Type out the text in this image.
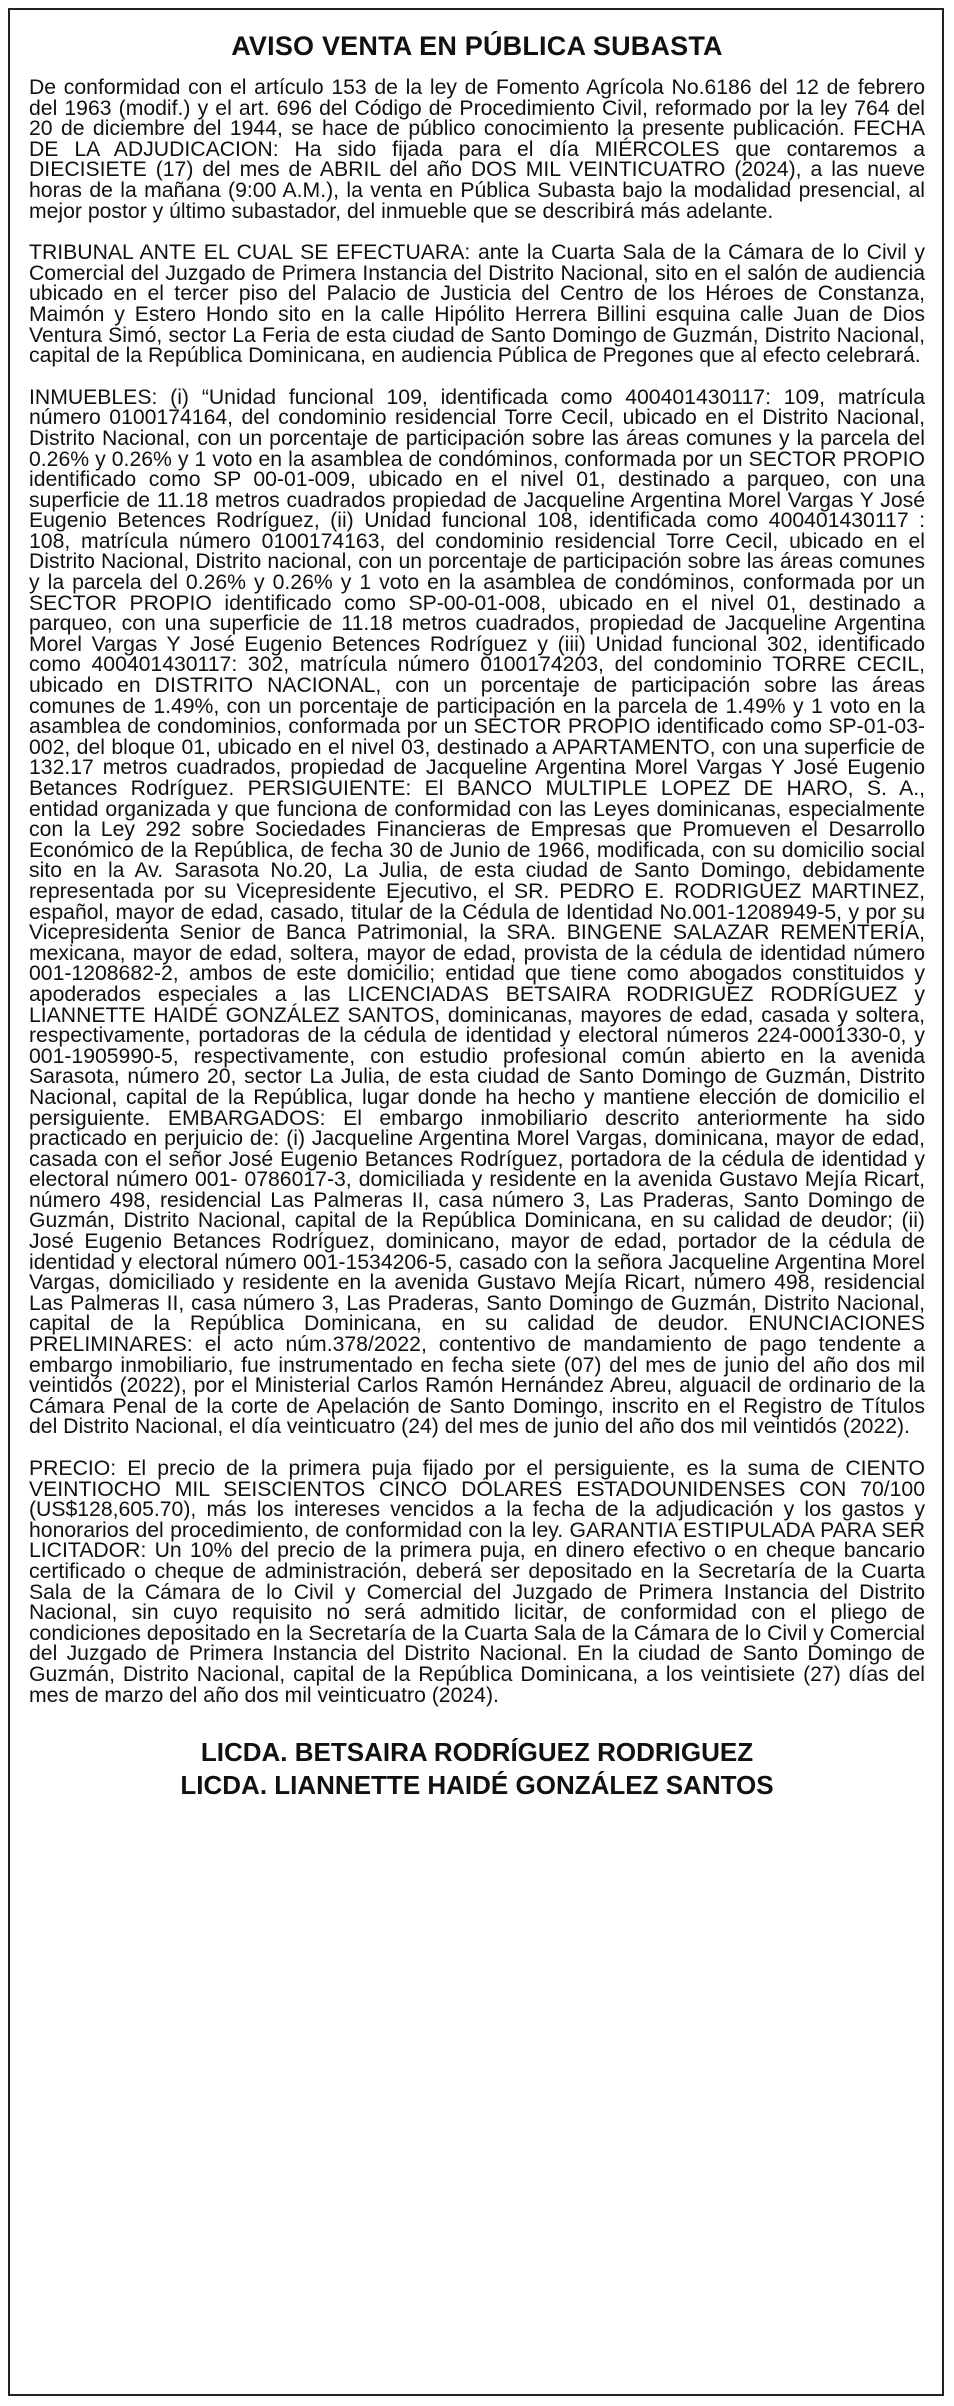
AVISO VENTA EN PÚBLICA SUBASTA

De conformidad con el artículo 153 de la ley de Fomento Agrícola No.6186 del 12 de febrero del 1963 (modif.) y el art. 696 del Código de Procedimiento Civil, reformado por la ley 764 del 20 de diciembre del 1944, se hace de público conocimiento la presente publicación. FECHA DE LA ADJUDICACION: Ha sido fijada para el día MIÉRCOLES que contaremos a DIECISIETE (17) del mes de ABRIL del año DOS MIL VEINTICUATRO (2024), a las nueve horas de la mañana (9:00 A.M.), la venta en Pública Subasta bajo la modalidad presencial, al mejor postor y último subastador, del inmueble que se describirá más adelante.

TRIBUNAL ANTE EL CUAL SE EFECTUARA: ante la Cuarta Sala de la Cámara de lo Civil y Comercial del Juzgado de Primera Instancia del Distrito Nacional, sito en el salón de audiencia ubicado en el tercer piso del Palacio de Justicia del Centro de los Héroes de Constanza, Maimón y Estero Hondo sito en la calle Hipólito Herrera Billini esquina calle Juan de Dios Ventura Simó, sector La Feria de esta ciudad de Santo Domingo de Guzmán, Distrito Nacional, capital de la República Dominicana, en audiencia Pública de Pregones que al efecto celebrará.

INMUEBLES: (i) “Unidad funcional 109, identificada como 400401430117: 109, matrícula número 0100174164, del condominio residencial Torre Cecil, ubicado en el Distrito Nacional, Distrito Nacional, con un porcentaje de participación sobre las áreas comunes y la parcela del 0.26% y 0.26% y 1 voto en la asamblea de condóminos, conformada por un SECTOR PROPIO identificado como SP 00-01-009, ubicado en el nivel 01, destinado a parqueo, con una superficie de 11.18 metros cuadrados propiedad de Jacqueline Argentina Morel Vargas Y José Eugenio Betences Rodríguez, (ii) Unidad funcional 108, identificada como 400401430117 : 108, matrícula número 0100174163, del condominio residencial Torre Cecil, ubicado en el Distrito Nacional, Distrito nacional, con un porcentaje de participación sobre las áreas comunes y la parcela del 0.26% y 0.26% y 1 voto en la asamblea de condóminos, conformada por un SECTOR PROPIO identificado como SP-00-01-008, ubicado en el nivel 01, destinado a parqueo, con una superficie de 11.18 metros cuadrados, propiedad de Jacqueline Argentina Morel Vargas Y José Eugenio Betences Rodríguez y (iii) Unidad funcional 302, identificado como 400401430117: 302, matrícula número 0100174203, del condominio TORRE CECIL, ubicado en DISTRITO NACIONAL, con un porcentaje de participación sobre las áreas comunes de 1.49%, con un porcentaje de participación en la parcela de 1.49% y 1 voto en la asamblea de condominios, conformada por un SECTOR PROPIO identificado como SP-01-03-002, del bloque 01, ubicado en el nivel 03, destinado a APARTAMENTO, con una superficie de 132.17 metros cuadrados, propiedad de Jacqueline Argentina Morel Vargas Y José Eugenio Betances Rodríguez. PERSIGUIENTE: El BANCO MULTIPLE LOPEZ DE HARO, S. A., entidad organizada y que funciona de conformidad con las Leyes dominicanas, especialmente con la Ley 292 sobre Sociedades Financieras de Empresas que Promueven el Desarrollo Económico de la República, de fecha 30 de Junio de 1966, modificada, con su domicilio social sito en la Av. Sarasota No.20, La Julia, de esta ciudad de Santo Domingo, debidamente representada por su Vicepresidente Ejecutivo, el SR. PEDRO E. RODRIGUEZ MARTINEZ, español, mayor de edad, casado, titular de la Cédula de Identidad No.001-1208949-5, y por su Vicepresidenta Senior de Banca Patrimonial, la SRA. BINGENE SALAZAR REMENTERÍA, mexicana, mayor de edad, soltera, mayor de edad, provista de la cédula de identidad número 001-1208682-2, ambos de este domicilio; entidad que tiene como abogados constituidos y apoderados especiales a las LICENCIADAS BETSAIRA RODRIGUEZ RODRÍGUEZ y LIANNETTE HAIDÉ GONZÁLEZ SANTOS, dominicanas, mayores de edad, casada y soltera, respectivamente, portadoras de la cédula de identidad y electoral números 224-0001330-0, y 001-1905990-5, respectivamente, con estudio profesional común abierto en la avenida Sarasota, número 20, sector La Julia, de esta ciudad de Santo Domingo de Guzmán, Distrito Nacional, capital de la República, lugar donde ha hecho y mantiene elección de domicilio el persiguiente. EMBARGADOS: El embargo inmobiliario descrito anteriormente ha sido practicado en perjuicio de: (i) Jacqueline Argentina Morel Vargas, dominicana, mayor de edad, casada con el señor José Eugenio Betances Rodríguez, portadora de la cédula de identidad y electoral número 001- 0786017-3, domiciliada y residente en la avenida Gustavo Mejía Ricart, número 498, residencial Las Palmeras II, casa número 3, Las Praderas, Santo Domingo de Guzmán, Distrito Nacional, capital de la República Dominicana, en su calidad de deudor; (ii) José Eugenio Betances Rodríguez, dominicano, mayor de edad, portador de la cédula de identidad y electoral número 001-1534206-5, casado con la señora Jacqueline Argentina Morel Vargas, domiciliado y residente en la avenida Gustavo Mejía Ricart, número 498, residencial Las Palmeras II, casa número 3, Las Praderas, Santo Domingo de Guzmán, Distrito Nacional, capital de la República Dominicana, en su calidad de deudor. ENUNCIACIONES PRELIMINARES: el acto núm.378/2022, contentivo de mandamiento de pago tendente a embargo inmobiliario, fue instrumentado en fecha siete (07) del mes de junio del año dos mil veintidós (2022), por el Ministerial Carlos Ramón Hernández Abreu, alguacil de ordinario de la Cámara Penal de la corte de Apelación de Santo Domingo, inscrito en el Registro de Títulos del Distrito Nacional, el día veinticuatro (24) del mes de junio del año dos mil veintidós (2022).

PRECIO: El precio de la primera puja fijado por el persiguiente, es la suma de CIENTO VEINTIOCHO MIL SEISCIENTOS CINCO DÓLARES ESTADOUNIDENSES CON 70/100 (US$128,605.70), más los intereses vencidos a la fecha de la adjudicación y los gastos y honorarios del procedimiento, de conformidad con la ley. GARANTIA ESTIPULADA PARA SER LICITADOR: Un 10% del precio de la primera puja, en dinero efectivo o en cheque bancario certificado o cheque de administración, deberá ser depositado en la Secretaría de la Cuarta Sala de la Cámara de lo Civil y Comercial del Juzgado de Primera Instancia del Distrito Nacional, sin cuyo requisito no será admitido licitar, de conformidad con el pliego de condiciones depositado en la Secretaría de la Cuarta Sala de la Cámara de lo Civil y Comercial del Juzgado de Primera Instancia del Distrito Nacional. En la ciudad de Santo Domingo de Guzmán, Distrito Nacional, capital de la República Dominicana, a los veintisiete (27) días del mes de marzo del año dos mil veinticuatro (2024).

LICDA. BETSAIRA RODRÍGUEZ RODRIGUEZ
LICDA. LIANNETTE HAIDÉ GONZÁLEZ SANTOS
